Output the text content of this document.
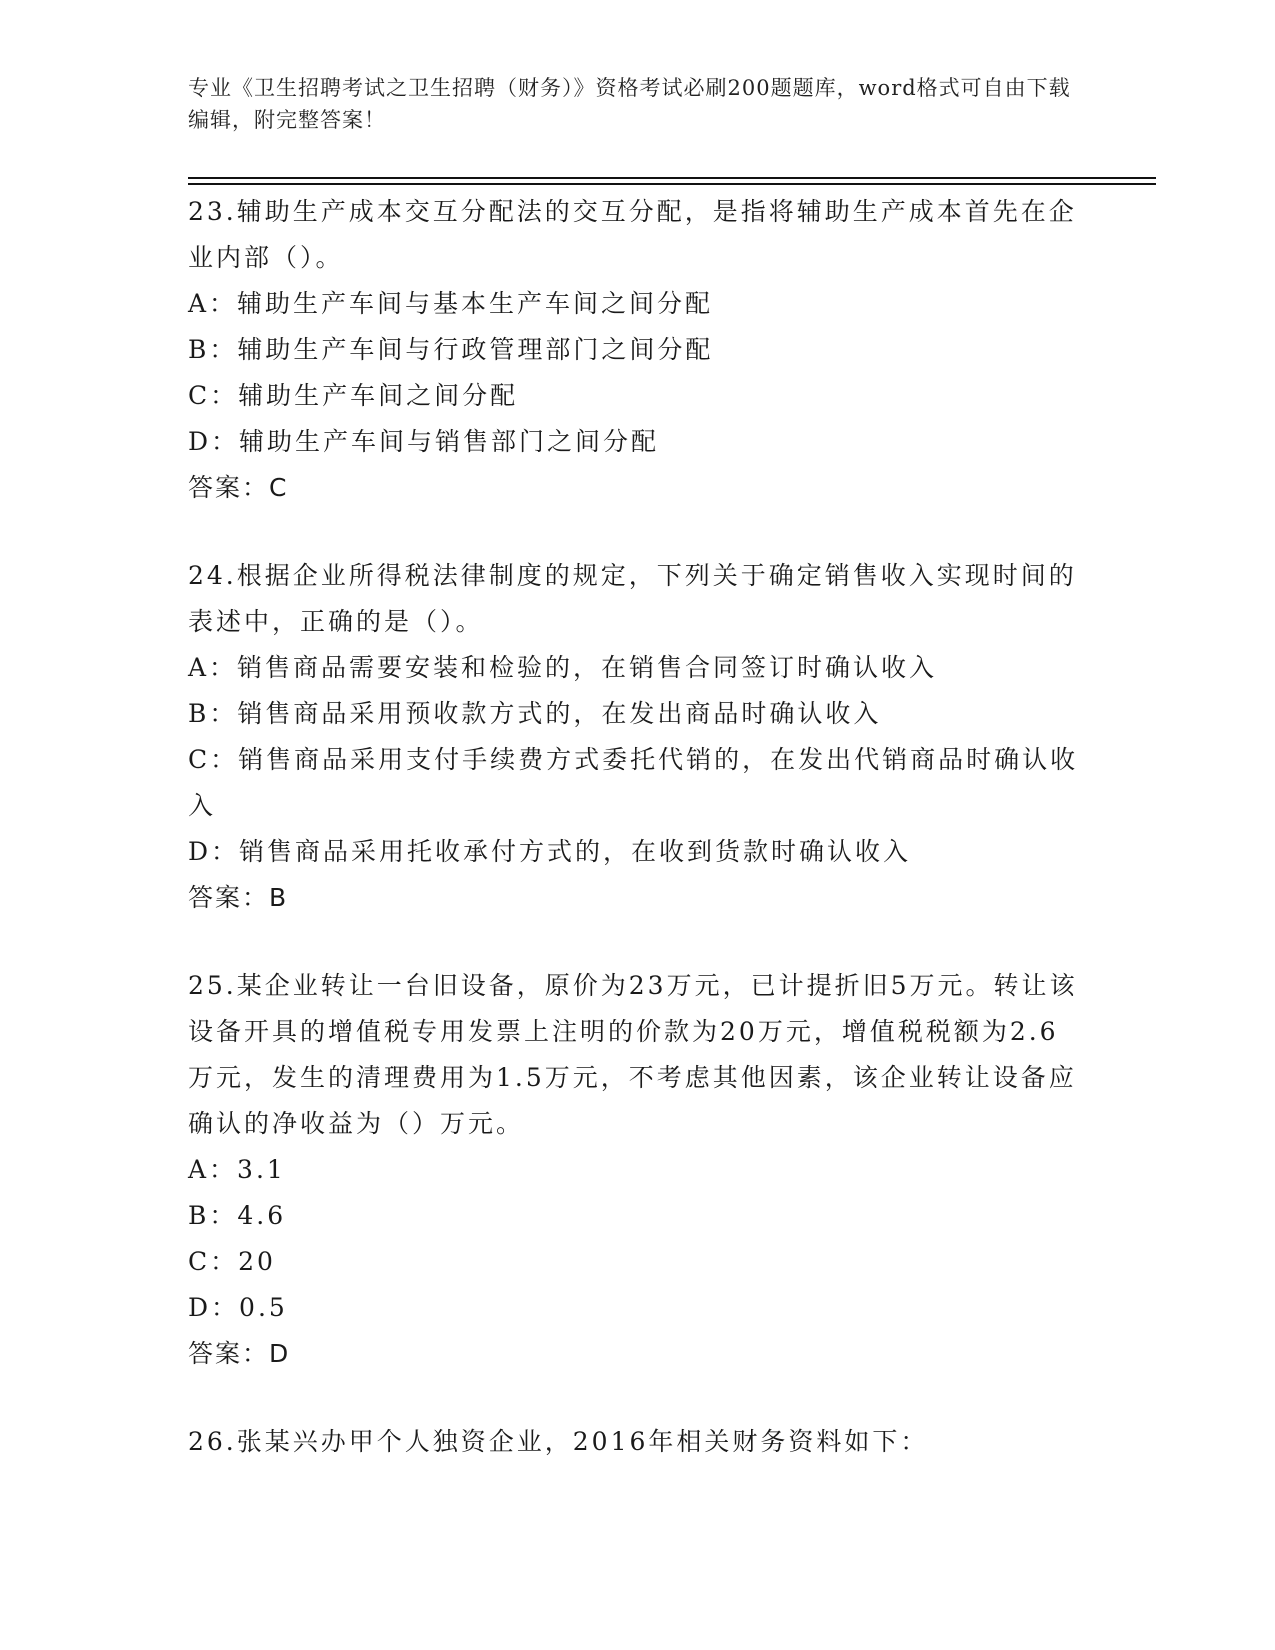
专业《卫生招聘考试之卫生招聘（财务）》资格考试必刷200题题库，word格式可自由下载编辑，附完整答案！
23.辅助生产成本交互分配法的交互分配，是指将辅助生产成本首先在企业内部（）。
A：辅助生产车间与基本生产车间之间分配
B：辅助生产车间与行政管理部门之间分配
C：辅助生产车间之间分配
D：辅助生产车间与销售部门之间分配
答案：C
24.根据企业所得税法律制度的规定，下列关于确定销售收入实现时间的表述中，正确的是（）。
A：销售商品需要安装和检验的，在销售合同签订时确认收入
B：销售商品采用预收款方式的，在发出商品时确认收入
C：销售商品采用支付手续费方式委托代销的，在发出代销商品时确认收入
D：销售商品采用托收承付方式的，在收到货款时确认收入
答案：B
25.某企业转让一台旧设备，原价为23万元，已计提折旧5万元。转让该设备开具的增值税专用发票上注明的价款为20万元，增值税税额为2.6万元，发生的清理费用为1.5万元，不考虑其他因素，该企业转让设备应确认的净收益为（）万元。
A：3.1
B：4.6
C：20
D：0.5
答案：D
26.张某兴办甲个人独资企业，2016年相关财务资料如下：
